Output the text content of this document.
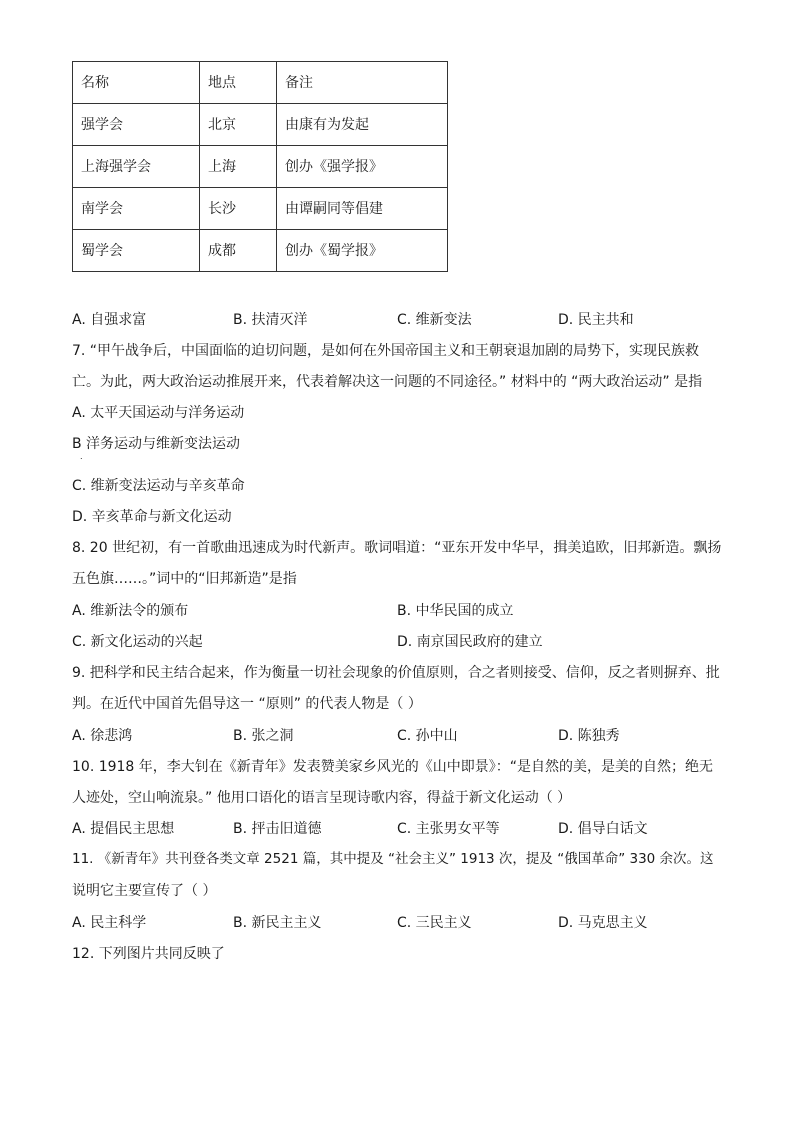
名称	地点	备注
强学会	北京	由康有为发起
上海强学会	上海	创办《强学报》
南学会	长沙	由谭嗣同等倡建
蜀学会	成都	创办《蜀学报》
A. 自强求富	B. 扶清灭洋	C. 维新变法	D. 民主共和
7. “甲午战争后，中国面临的迫切问题，是如何在外国帝国主义和王朝衰退加剧的局势下，实现民族救
亡。为此，两大政治运动推展开来，代表着解决这一问题的不同途径。” 材料中的 “两大政治运动” 是指
A. 太平天国运动与洋务运动
B 洋务运动与维新变法运动
.
C. 维新变法运动与辛亥革命
D. 辛亥革命与新文化运动
8. 20 世纪初，有一首歌曲迅速成为时代新声。歌词唱道：“亚东开发中华早，揖美追欧，旧邦新造。飘扬
五色旗……。”词中的“旧邦新造”是指
A. 维新法令的颁布	B. 中华民国的成立
C. 新文化运动的兴起	D. 南京国民政府的建立
9. 把科学和民主结合起来，作为衡量一切社会现象的价值原则，合之者则接受、信仰，反之者则摒弃、批
判。在近代中国首先倡导这一 “原则” 的代表人物是（ ）
A. 徐悲鸿	B. 张之洞	C. 孙中山	D. 陈独秀
10. 1918 年，李大钊在《新青年》发表赞美家乡风光的《山中即景》：“是自然的美，是美的自然；绝无
人迹处，空山响流泉。” 他用口语化的语言呈现诗歌内容，得益于新文化运动（ ）
A. 提倡民主思想	B. 抨击旧道德	C. 主张男女平等	D. 倡导白话文
11. 《新青年》共刊登各类文章 2521 篇，其中提及 “社会主义” 1913 次，提及 “俄国革命” 330 余次。这
说明它主要宣传了（ ）
A. 民主科学	B. 新民主主义	C. 三民主义	D. 马克思主义
12. 下列图片共同反映了
